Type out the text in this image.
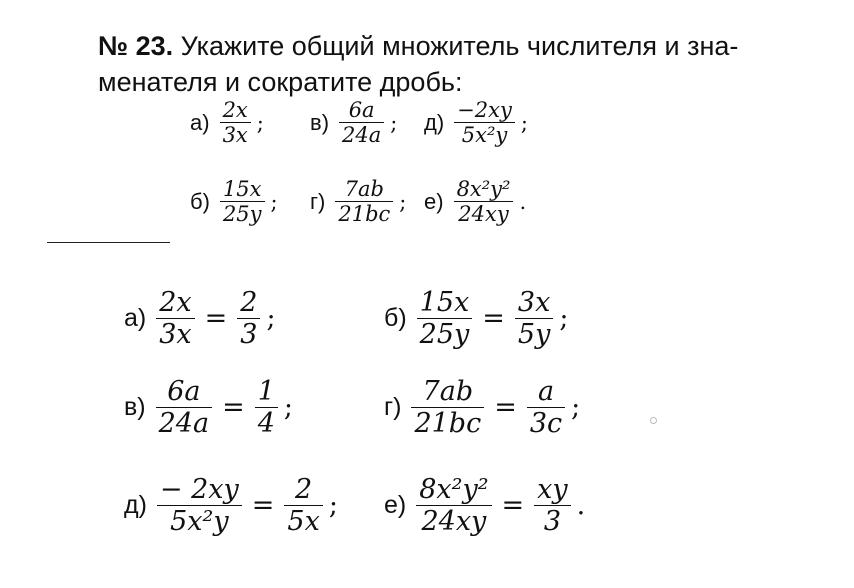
№ 23. Укажите общий множитель числителя и зна-
менателя и сократите дробь:
$а) \frac{2x}{3x}$ ; $в) \frac{6a}{24a}$ ; $д) \frac{-2xy}{\text{5x²y}}$ ;
$б) \frac{15x}{25y}$ ; $г) \frac{7ab}{21bc}$ ; $е) \frac{\text{8x²y²}}{24xy}$ .
$а) \frac{2x}{3x} = \frac{2}{3}$ ;	$б) \frac{15x}{25y} = \frac{3x}{5y}$ ;
$в) \frac{6a}{24a} = \frac{1}{4}$ ;	$г) \frac{7ab}{21bc} = \frac{a}{3c}$ ;
$д) \frac{- 2xy}{\text{5x²y}} = \frac{2}{5x}$ ; $е) \frac{\text{8x²y²}}{24xy} = \frac{xy}{3}$ .
